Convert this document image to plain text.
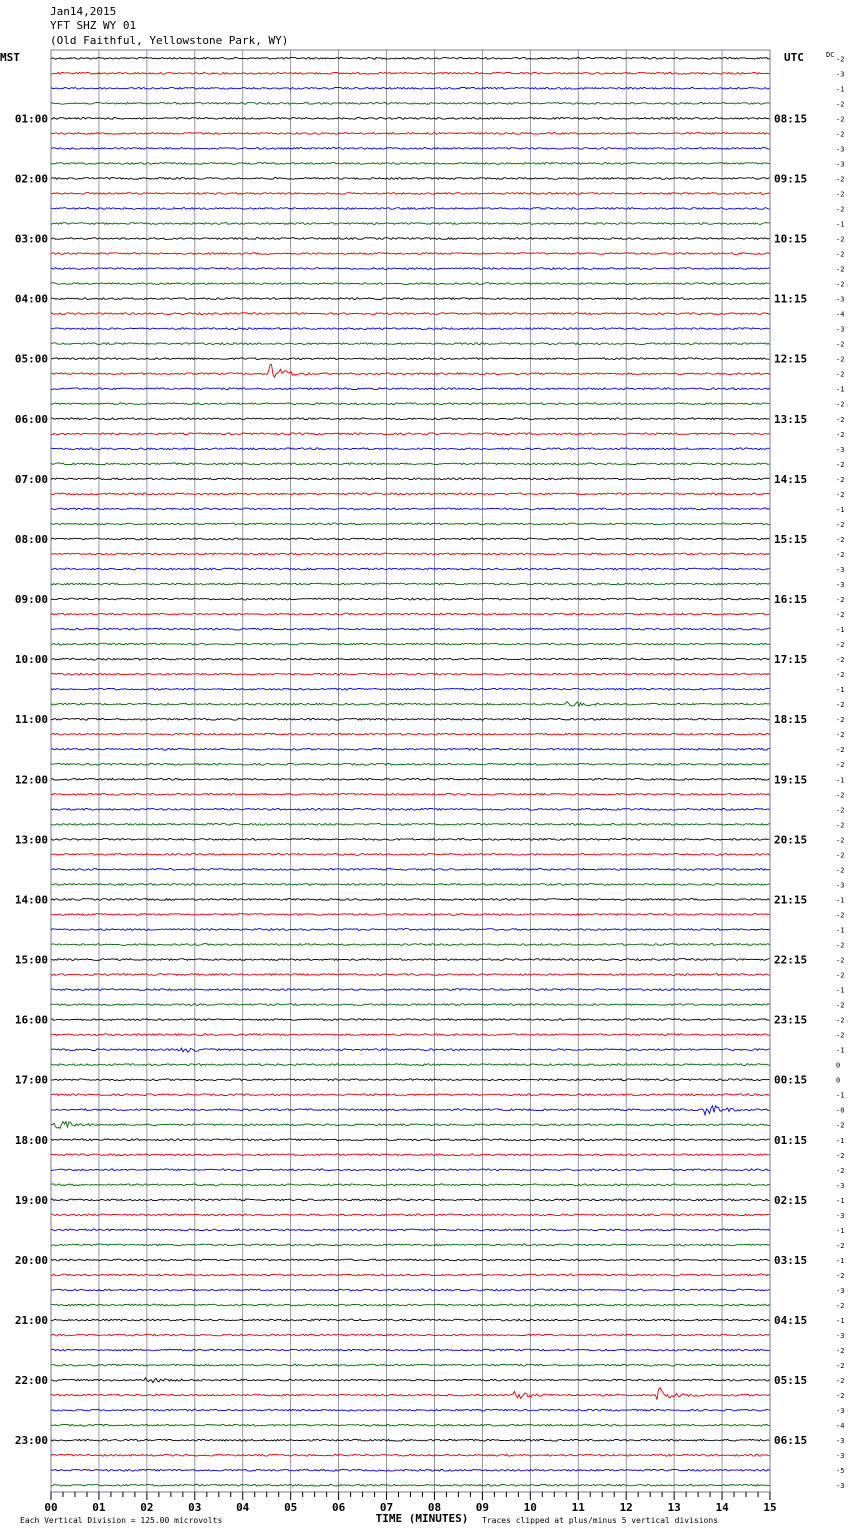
Jan14,2015
YFT SHZ WY 01
(Old Faithful, Yellowstone Park, WY)
-2
-3
-1
-2
-2
-2
-3
-3
-2
-2
-2
-1
-2
-2
-2
-2
-3
-4
-3
-2
-2
-2
-1
-2
-2
-2
-3
-2
-2
-2
-1
-2
-2
-2
-3
-3
-2
-2
-1
-2
-2
-2
-1
-2
-2
-2
-2
-2
-1
-2
-2
-2
-2
-2
-2
-3
-1
-2
-1
-2
-2
-2
-1
-2
-2
-2
-1
0
0
-1
-0
-2
-1
-2
-2
-3
-1
-3
-1
-2
-1
-2
-3
-2
-1
-3
-2
-2
-2
-2
-3
-4
-3
-3
-5
-3
01:00	08:15
02:00	09:15
03:00	10:15
04:00	11:15
05:00	12:15
06:00	13:15
07:00	14:15
08:00	15:15
09:00	16:15
10:00	17:15
11:00	18:15
12:00	19:15
13:00	20:15
14:00	21:15
15:00	22:15
16:00	23:15
17:00	00:15
18:00	01:15
19:00	02:15
20:00	03:15
21:00	04:15
22:00	05:15
23:00	06:15
MST	UTC	DC
00	01	02	03	04	05	06	07	08	09	10	11	12	13	14	15
TIME (MINUTES)
Each Vertical Division = 125.00 microvolts	Traces clipped at plus/minus 5 vertical divisions
